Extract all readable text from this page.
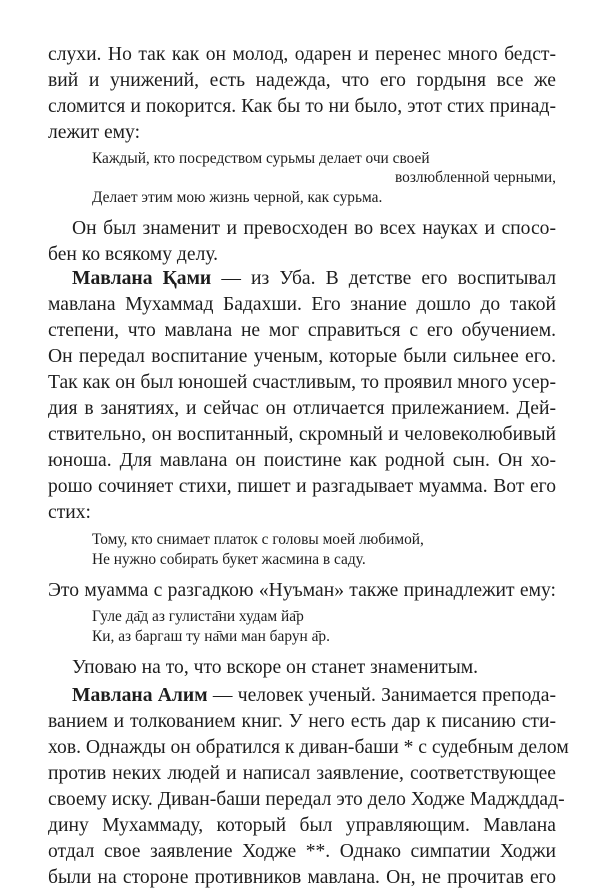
слухи. Но так как он молод, одарен и перенес много бедст-
вий и унижений, есть надежда, что его гордыня все же
сломится и покорится. Как бы то ни было, этот стих принад-
лежит ему:
Каждый, кто посредством сурьмы делает очи своей
возлюбленной черными,
Делает этим мою жизнь черной, как сурьма.
Он был знаменит и превосходен во всех науках и спосо-
бен ко всякому делу.
Мавлана Қами — из Уба. В детстве его воспитывал
мавлана Мухаммад Бадахши. Его знание дошло до такой
степени, что мавлана не мог справиться с его обучением.
Он передал воспитание ученым, которые были сильнее его.
Так как он был юношей счастливым, то проявил много усер-
дия в занятиях, и сейчас он отличается прилежанием. Дей-
ствительно, он воспитанный, скромный и человеколюбивый
юноша. Для мавлана он поистине как родной сын. Он хо-
рошо сочиняет стихи, пишет и разгадывает муамма. Вот его
стих:
Тому, кто снимает платок с головы моей любимой,
Не нужно собирать букет жасмина в саду.
Это муамма с разгадкою «Нуъман» также принадлежит ему:
Гуле да̄д аз гулиста̄ни худам йа̄р
Ки, аз баргаш ту на̄ми ман барун а̄р.
Уповаю на то, что вскоре он станет знаменитым.
Мавлана Алим — человек ученый. Занимается препода-
ванием и толкованием книг. У него есть дар к писанию сти-
хов. Однажды он обратился к диван-баши * с судебным делом
против неких людей и написал заявление, соответствующее
своему иску. Диван-баши передал это дело Ходже Маджддад-
дину Мухаммаду, который был управляющим. Мавлана
отдал свое заявление Ходже **. Однако симпатии Ходжи
были на стороне противников мавлана. Он, не прочитав его
